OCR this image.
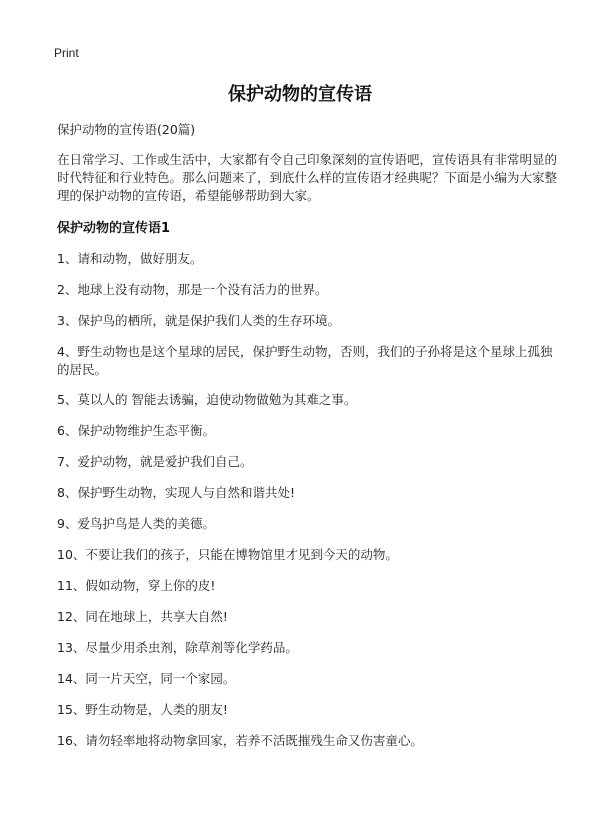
Print
保护动物的宣传语
保护动物的宣传语(20篇)

在日常学习、工作或生活中，大家都有令自己印象深刻的宣传语吧，宣传语具有非常明显的时代特征和行业特色。那么问题来了，到底什么样的宣传语才经典呢？下面是小编为大家整理的保护动物的宣传语，希望能够帮助到大家。

保护动物的宣传语1
1、请和动物，做好朋友。
2、地球上没有动物，那是一个没有活力的世界。
3、保护鸟的栖所，就是保护我们人类的生存环境。
4、野生动物也是这个星球的居民，保护野生动物，否则，我们的子孙将是这个星球上孤独的居民。
5、莫以人的 智能去诱骗，迫使动物做勉为其难之事。
6、保护动物维护生态平衡。
7、爱护动物，就是爱护我们自己。
8、保护野生动物，实现人与自然和谐共处!
9、爱鸟护鸟是人类的美德。
10、不要让我们的孩子，只能在博物馆里才见到今天的动物。
11、假如动物，穿上你的皮!
12、同在地球上，共享大自然!
13、尽量少用杀虫剂，除草剂等化学药品。
14、同一片天空，同一个家园。
15、野生动物是，人类的朋友!
16、请勿轻率地将动物拿回家，若养不活既摧残生命又伤害童心。
